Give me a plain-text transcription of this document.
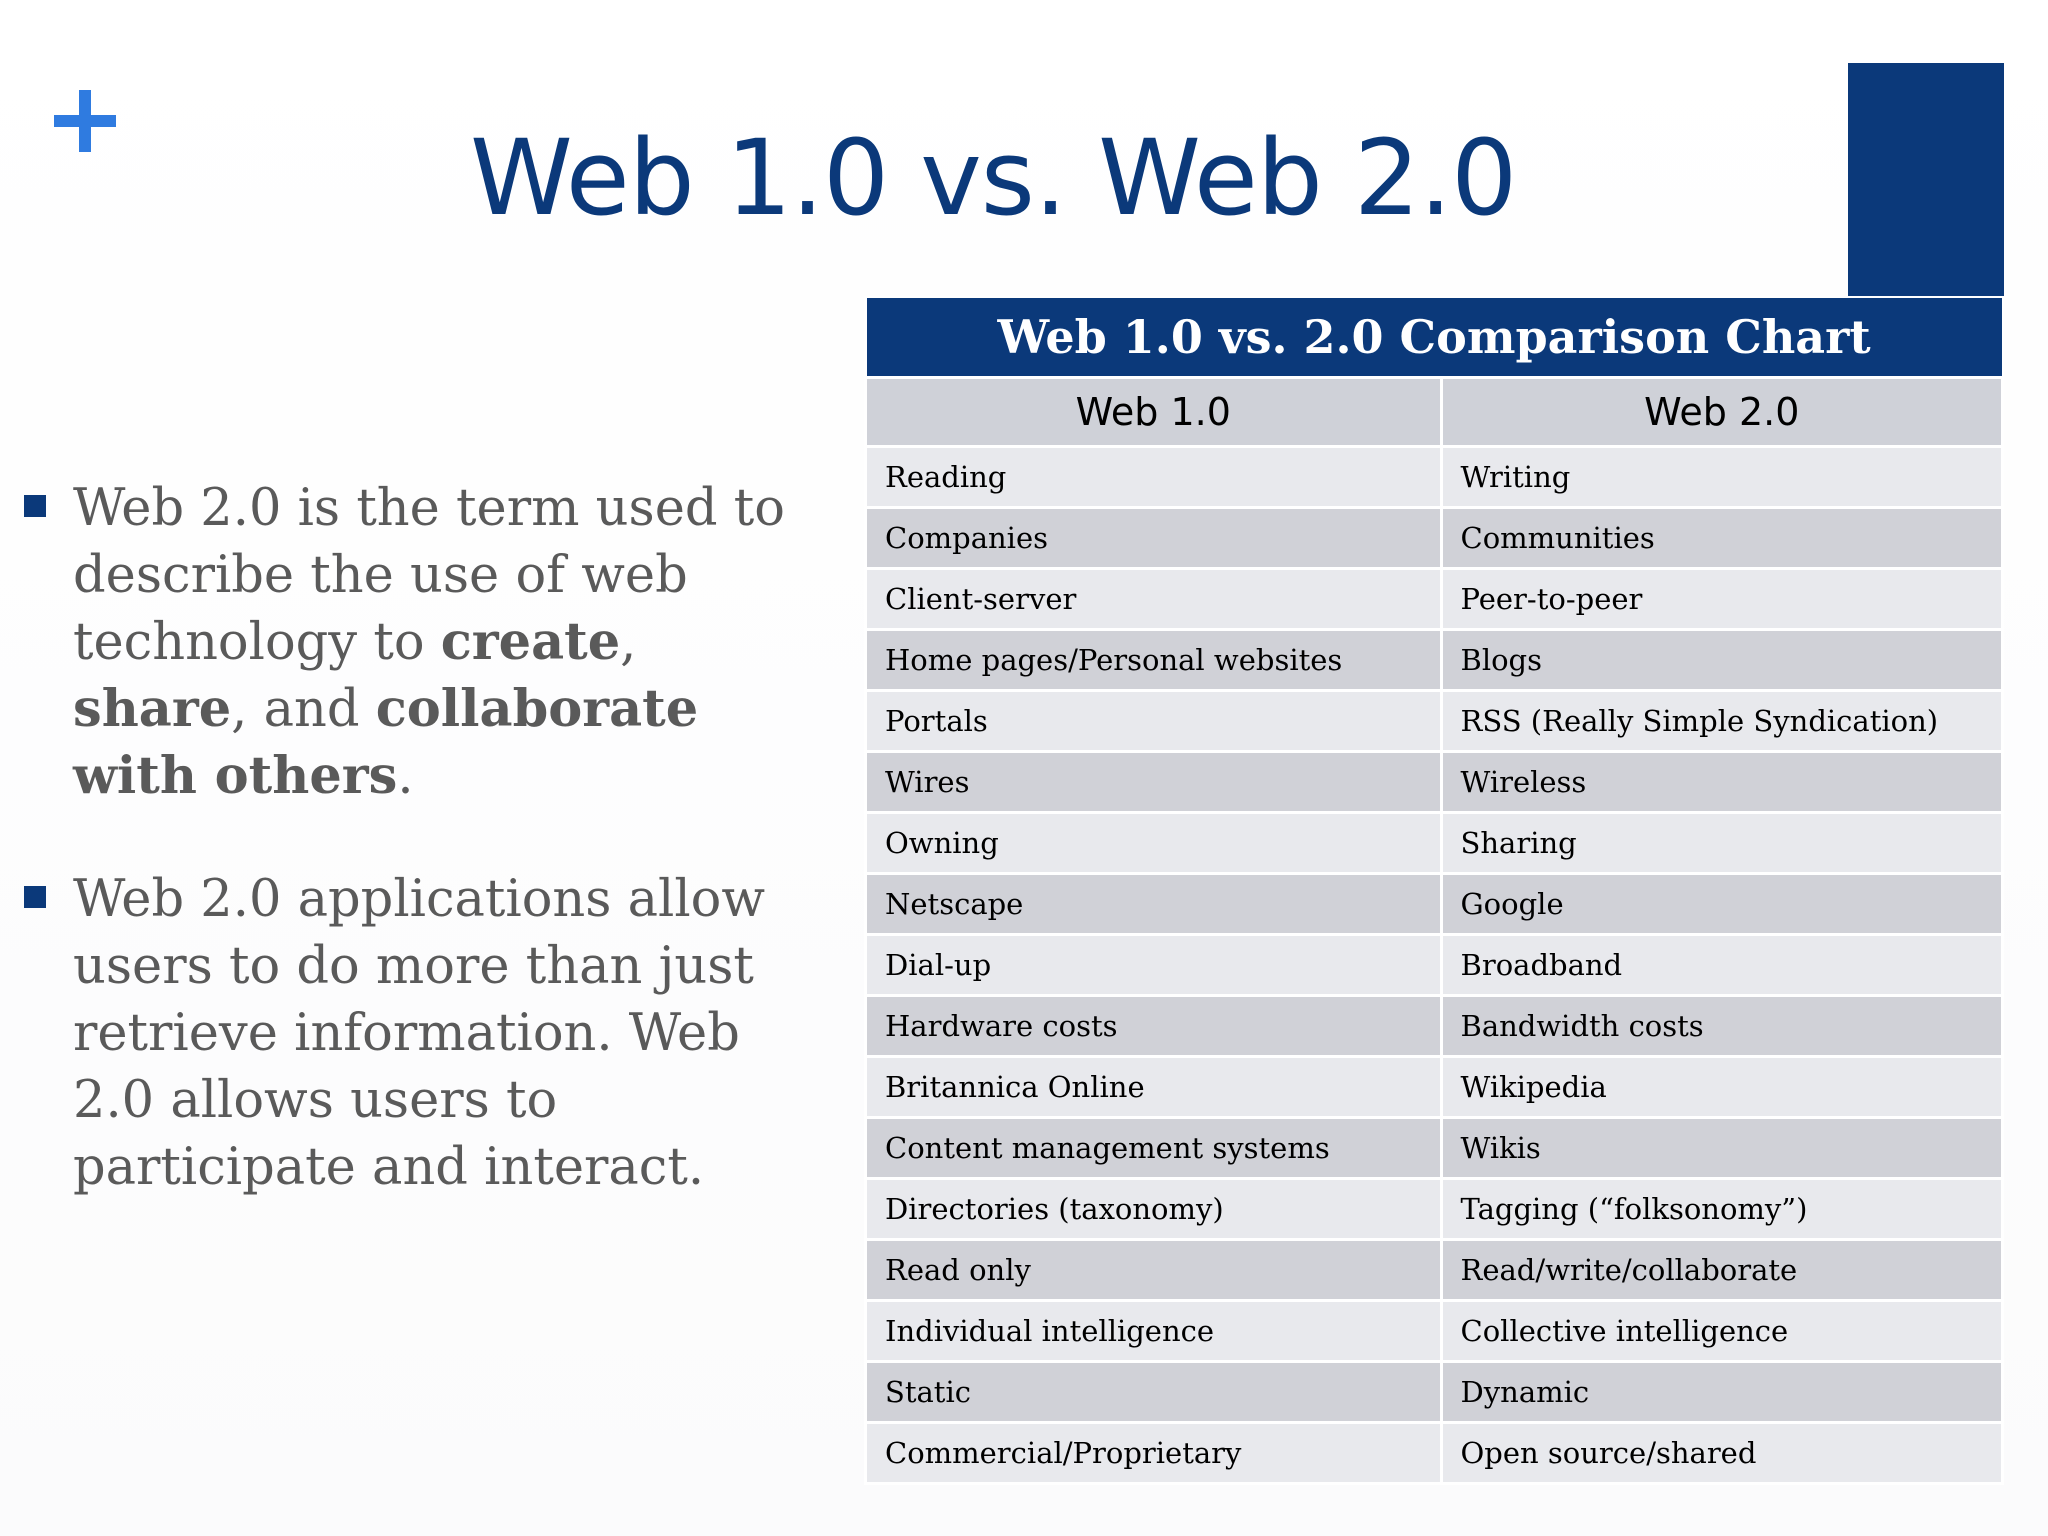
Web 1.0 vs. Web 2.0
Web 2.0 is the term used to describe the use of web technology to create, share, and collaborate with others.
Web 2.0 applications allow users to do more than just retrieve information. Web 2.0 allows users to participate and interact.
Web 1.0 vs. 2.0 Comparison Chart	
Web 1.0	Web 2.0
Reading	Writing
Companies	Communities
Client-server	Peer-to-peer
Home pages/Personal websites	Blogs
Portals	RSS (Really Simple Syndication)
Wires	Wireless
Owning	Sharing
Netscape	Google
Dial-up	Broadband
Hardware costs	Bandwidth costs
Britannica Online	Wikipedia
Content management systems	Wikis
Directories (taxonomy)	Tagging (“folksonomy”)
Read only	Read/write/collaborate
Individual intelligence	Collective intelligence
Static	Dynamic
Commercial/Proprietary	Open source/shared
